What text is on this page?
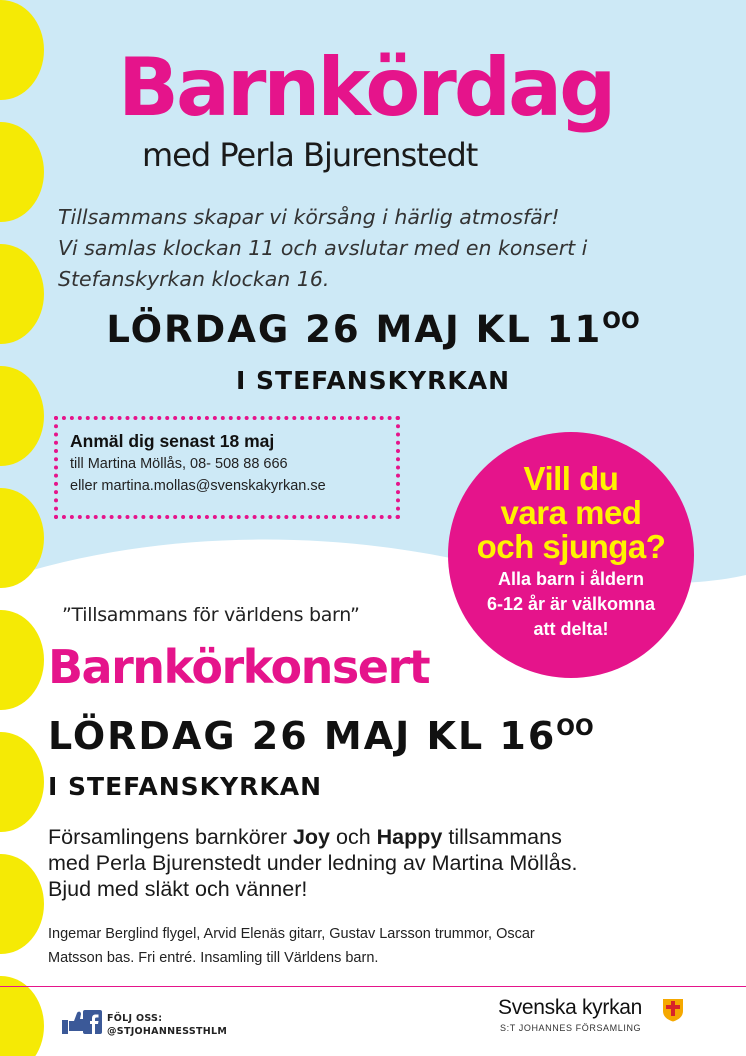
Barnkördag
med Perla Bjurenstedt
Tillsammans skapar vi körsång i härlig atmosfär!
Vi samlas klockan 11 och avslutar med en konsert i
Stefanskyrkan klockan 16.
LÖRDAG 26 MAJ KL $11^{OO}$
I STEFANSKYRKAN
Anmäl dig senast 18 maj
till Martina Möllås, 08- 508 88 666
eller martina.mollas@svenskakyrkan.se	Vill du
vara med
och sjunga?
Alla barn i åldern
6-12 år är välkomna
att delta!
”Tillsammans för världens barn”
Barnkörkonsert
LÖRDAG 26 MAJ KL $16^{OO}$
I STEFANSKYRKAN
Församlingens barnkörer Joy och Happy tillsammans
med Perla Bjurenstedt under ledning av Martina Möllås.
Bjud med släkt och vänner!
Ingemar Berglind flygel, Arvid Elenäs gitarr, Gustav Larsson trummor, Oscar
Matsson bas. Fri entré. Insamling till Världens barn.
FÖLJ OSS:
@STJOHANNESSTHLM
Svenska kyrkan
S:T JOHANNES FÖRSAMLING
